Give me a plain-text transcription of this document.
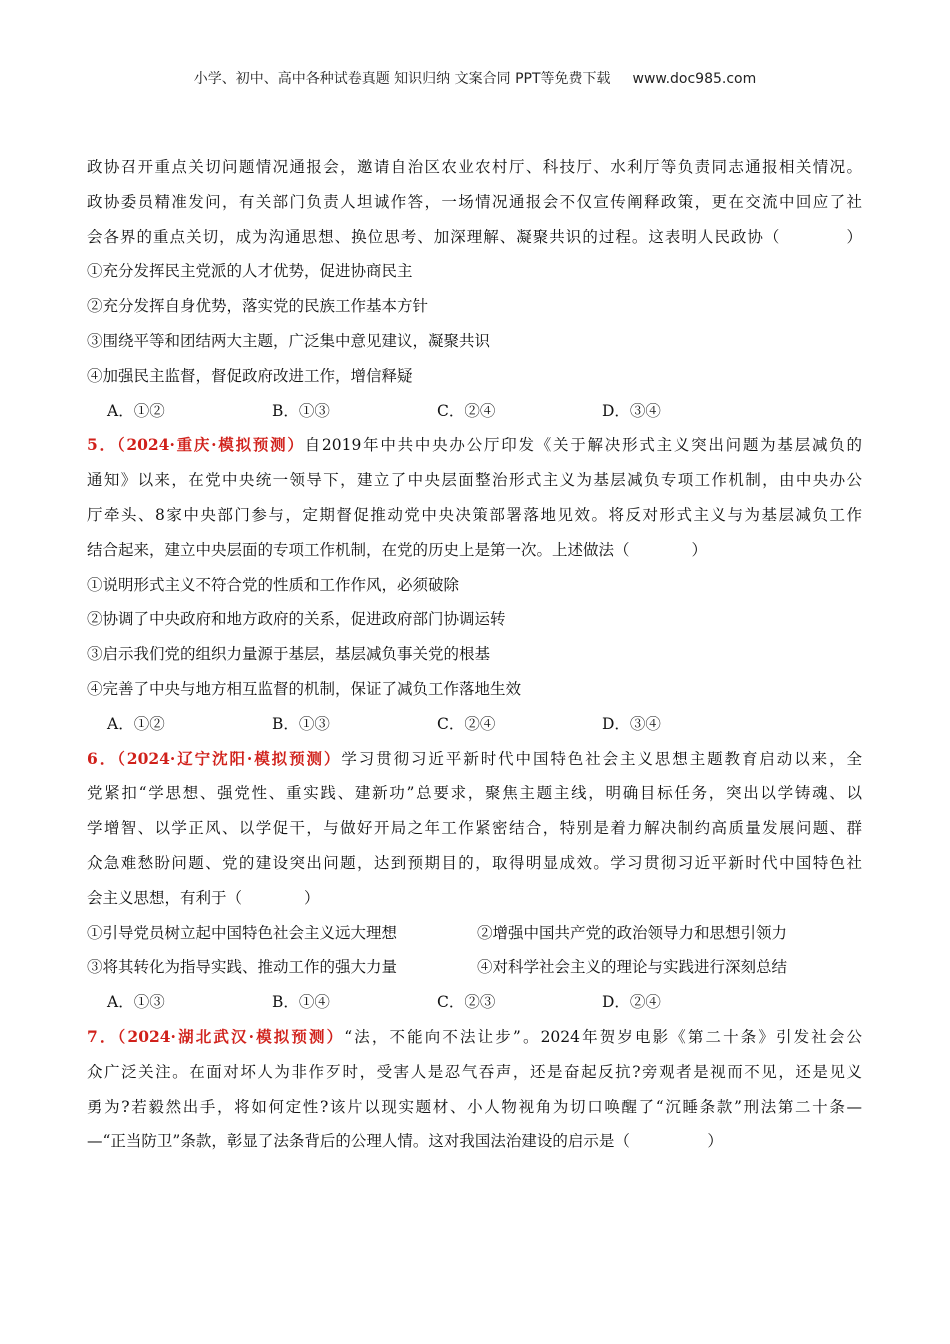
小学、初中、高中各种试卷真题 知识归纳 文案合同 PPT等免费下载 www.doc985.com
政协召开重点关切问题情况通报会，邀请自治区农业农村厅、科技厅、水利厅等负责同志通报相关情况。
政协委员精准发问，有关部门负责人坦诚作答，一场情况通报会不仅宣传阐释政策，更在交流中回应了社
会各界的重点关切，成为沟通思想、换位思考、加深理解、凝聚共识的过程。这表明人民政协（　　　　）
①充分发挥民主党派的人才优势，促进协商民主
②充分发挥自身优势，落实党的民族工作基本方针
③围绕平等和团结两大主题，广泛集中意见建议，凝聚共识
④加强民主监督，督促政府改进工作，增信释疑
A．①②	B．①③	C．②④	D．③④
5．（2024·重庆·模拟预测）自2019年中共中央办公厅印发《关于解决形式主义突出问题为基层减负的
通知》以来，在党中央统一领导下，建立了中央层面整治形式主义为基层减负专项工作机制，由中央办公
厅牵头、8家中央部门参与，定期督促推动党中央决策部署落地见效。将反对形式主义与为基层减负工作
结合起来，建立中央层面的专项工作机制，在党的历史上是第一次。上述做法（　　　　）
①说明形式主义不符合党的性质和工作作风，必须破除
②协调了中央政府和地方政府的关系，促进政府部门协调运转
③启示我们党的组织力量源于基层，基层减负事关党的根基
④完善了中央与地方相互监督的机制，保证了减负工作落地生效
A．①②	B．①③	C．②④	D．③④
6．（2024·辽宁沈阳·模拟预测）学习贯彻习近平新时代中国特色社会主义思想主题教育启动以来，全
党紧扣“学思想、强党性、重实践、建新功”总要求，聚焦主题主线，明确目标任务，突出以学铸魂、以
学增智、以学正风、以学促干，与做好开局之年工作紧密结合，特别是着力解决制约高质量发展问题、群
众急难愁盼问题、党的建设突出问题，达到预期目的，取得明显成效。学习贯彻习近平新时代中国特色社
会主义思想，有利于（　　　　）
①引导党员树立起中国特色社会主义远大理想	②增强中国共产党的政治领导力和思想引领力
③将其转化为指导实践、推动工作的强大力量	④对科学社会主义的理论与实践进行深刻总结
A．①③	B．①④	C．②③	D．②④
7．（2024·湖北武汉·模拟预测）“法，不能向不法让步”。2024年贺岁电影《第二十条》引发社会公
众广泛关注。在面对坏人为非作歹时，受害人是忍气吞声，还是奋起反抗?旁观者是视而不见，还是见义
勇为?若毅然出手，将如何定性?该片以现实题材、小人物视角为切口唤醒了“沉睡条款”刑法第二十条—
—“正当防卫”条款，彰显了法条背后的公理人情。这对我国法治建设的启示是（　　　　　）
